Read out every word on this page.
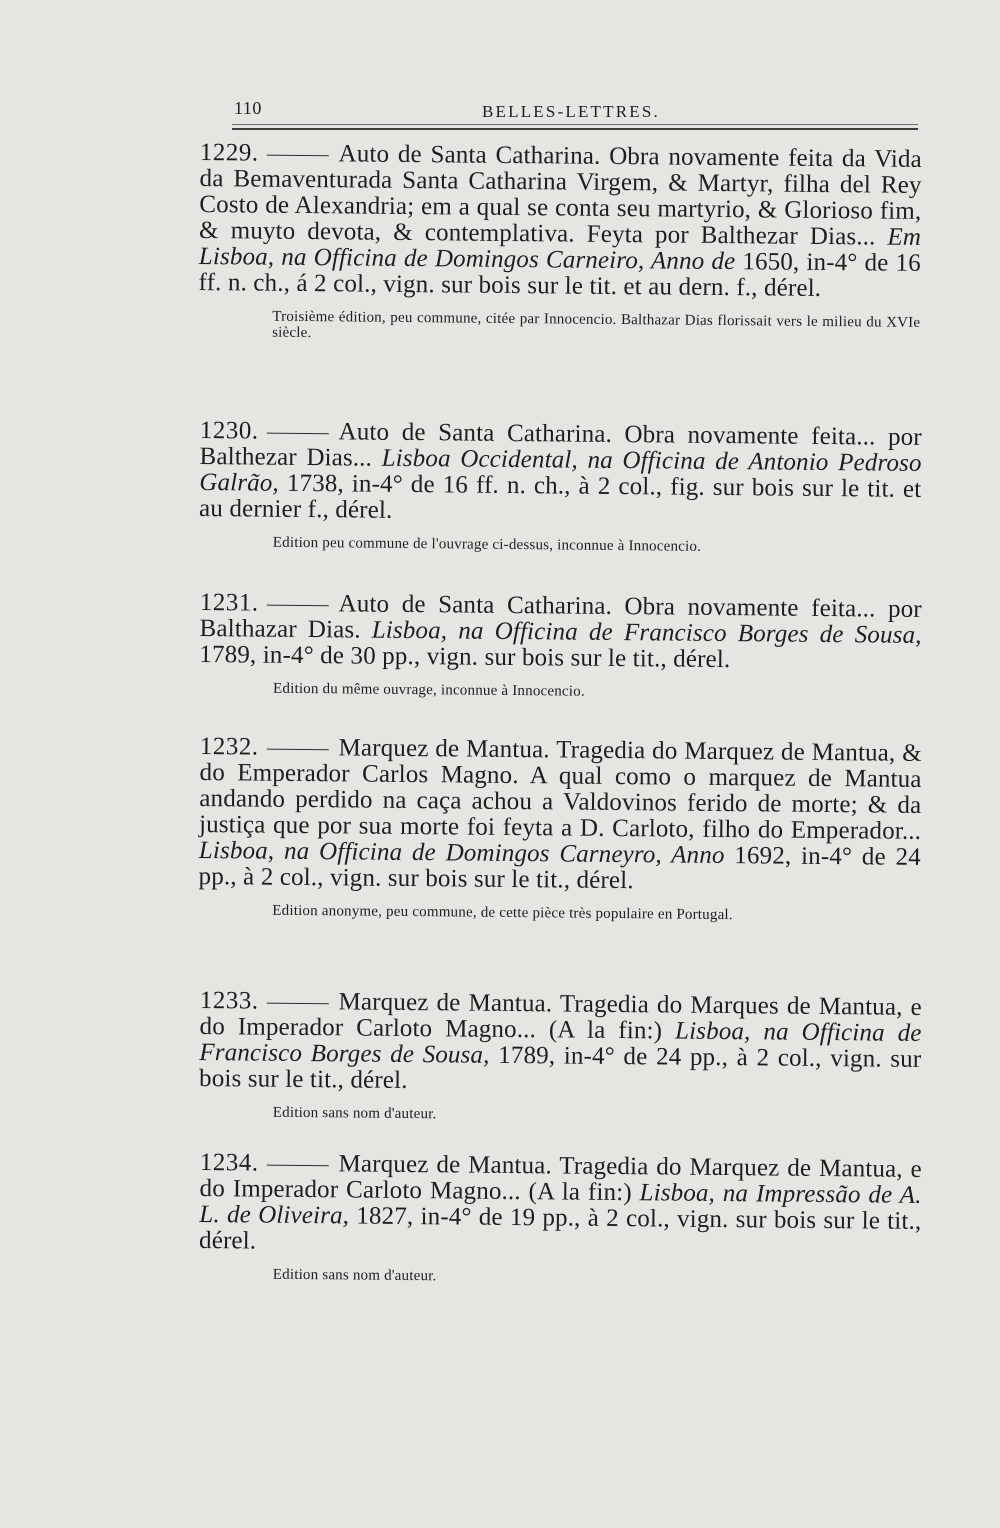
110	BELLES-LETTRES.
1229.	Auto de Santa Catharina. Obra novamente feita da Vida da Bemaventurada Santa Catharina Virgem, & Martyr, filha del Rey Costo de Alexandria; em a qual se conta seu martyrio, & Glorioso fim, & muyto devota, & contemplativa. Feyta por Balthezar Dias... Em Lisboa, na Officina de Domingos Carneiro, Anno de 1650, in-4° de 16 ff. n. ch., á 2 col., vign. sur bois sur le tit. et au dern. f., dérel.
Troisième édition, peu commune, citée par Innocencio. Balthazar Dias florissait vers le milieu du XVIe siècle.
1230.	Auto de Santa Catharina. Obra novamente feita... por Balthezar Dias... Lisboa Occidental, na Officina de Antonio Pedroso Galrão, 1738, in-4° de 16 ff. n. ch., à 2 col., fig. sur bois sur le tit. et au dernier f., dérel.
Edition peu commune de l'ouvrage ci-dessus, inconnue à Innocencio.
1231.	Auto de Santa Catharina. Obra novamente feita... por Balthazar Dias. Lisboa, na Officina de Francisco Borges de Sousa, 1789, in-4° de 30 pp., vign. sur bois sur le tit., dérel.
Edition du même ouvrage, inconnue à Innocencio.
1232.	Marquez de Mantua. Tragedia do Marquez de Mantua, & do Emperador Carlos Magno. A qual como o marquez de Mantua andando perdido na caça achou a Valdovinos ferido de morte; & da justiça que por sua morte foi feyta a D. Carloto, filho do Emperador... Lisboa, na Officina de Domingos Carneyro, Anno 1692, in-4° de 24 pp., à 2 col., vign. sur bois sur le tit., dérel.
Edition anonyme, peu commune, de cette pièce très populaire en Portugal.
1233.	Marquez de Mantua. Tragedia do Marques de Mantua, e do Imperador Carloto Magno... (A la fin:) Lisboa, na Officina de Francisco Borges de Sousa, 1789, in-4° de 24 pp., à 2 col., vign. sur bois sur le tit., dérel.
Edition sans nom d'auteur.
1234.	Marquez de Mantua. Tragedia do Marquez de Mantua, e do Imperador Carloto Magno... (A la fin:) Lisboa, na Impressão de A. L. de Oliveira, 1827, in-4° de 19 pp., à 2 col., vign. sur bois sur le tit., dérel.
Edition sans nom d'auteur.
